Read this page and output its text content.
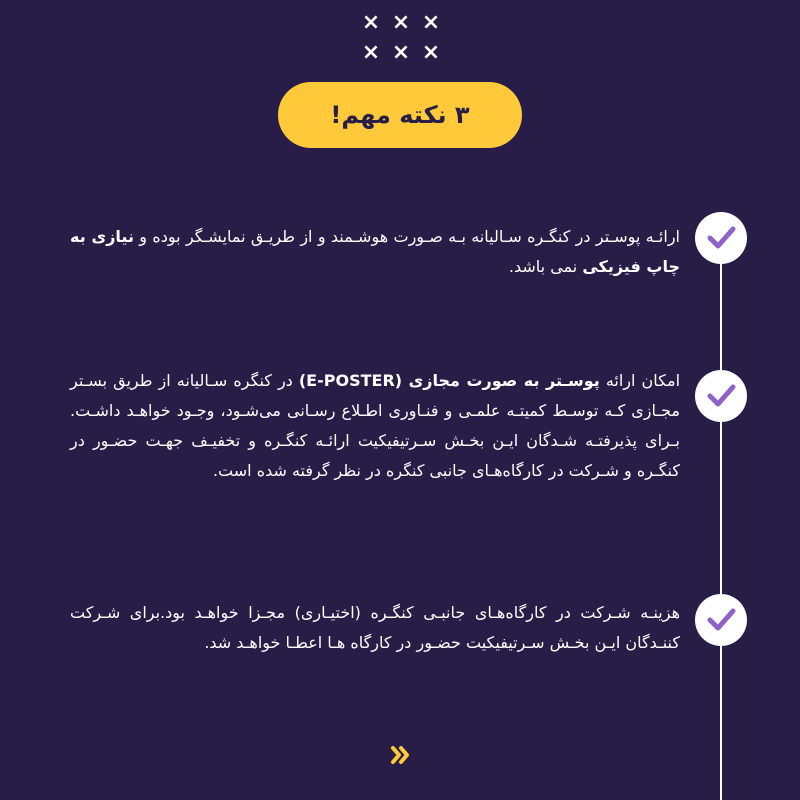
× × ×
× × ×
۳ نکته مهم!

ارائـه پوسـتر در کنگـره سـالیانه بـه صـورت هوشـمند و از طریـق نمایشـگر بوده و نیازی به چاپ فیزیکی نمی باشد.

امکان ارائه پوسـتر به صورت مجازی (E-POSTER) در کنگره سـالیانه از طریق بسـتر مجـازی کـه توسـط کمیتـه علمـی و فنـاوری اطـلاع رسـانی می‌شـود، وجـود خواهـد داشـت. بـرای پذیرفتـه شـدگان ایـن بخـش سـرتیفیکیت ارائـه کنگـره و تخفیـف جهـت حضـور در کنگـره و شـرکت در کارگاه‌هـای جانبی کنگره در نظر گرفته شده است.

هزینـه شـرکت در کارگاه‌هـای جانبـی کنگـره (اختیـاری) مجـزا خواهـد بود.برای شـرکت کننـدگان ایـن بخـش سـرتیفیکیت حضـور در کارگاه هـا اعطـا خواهـد شد.
